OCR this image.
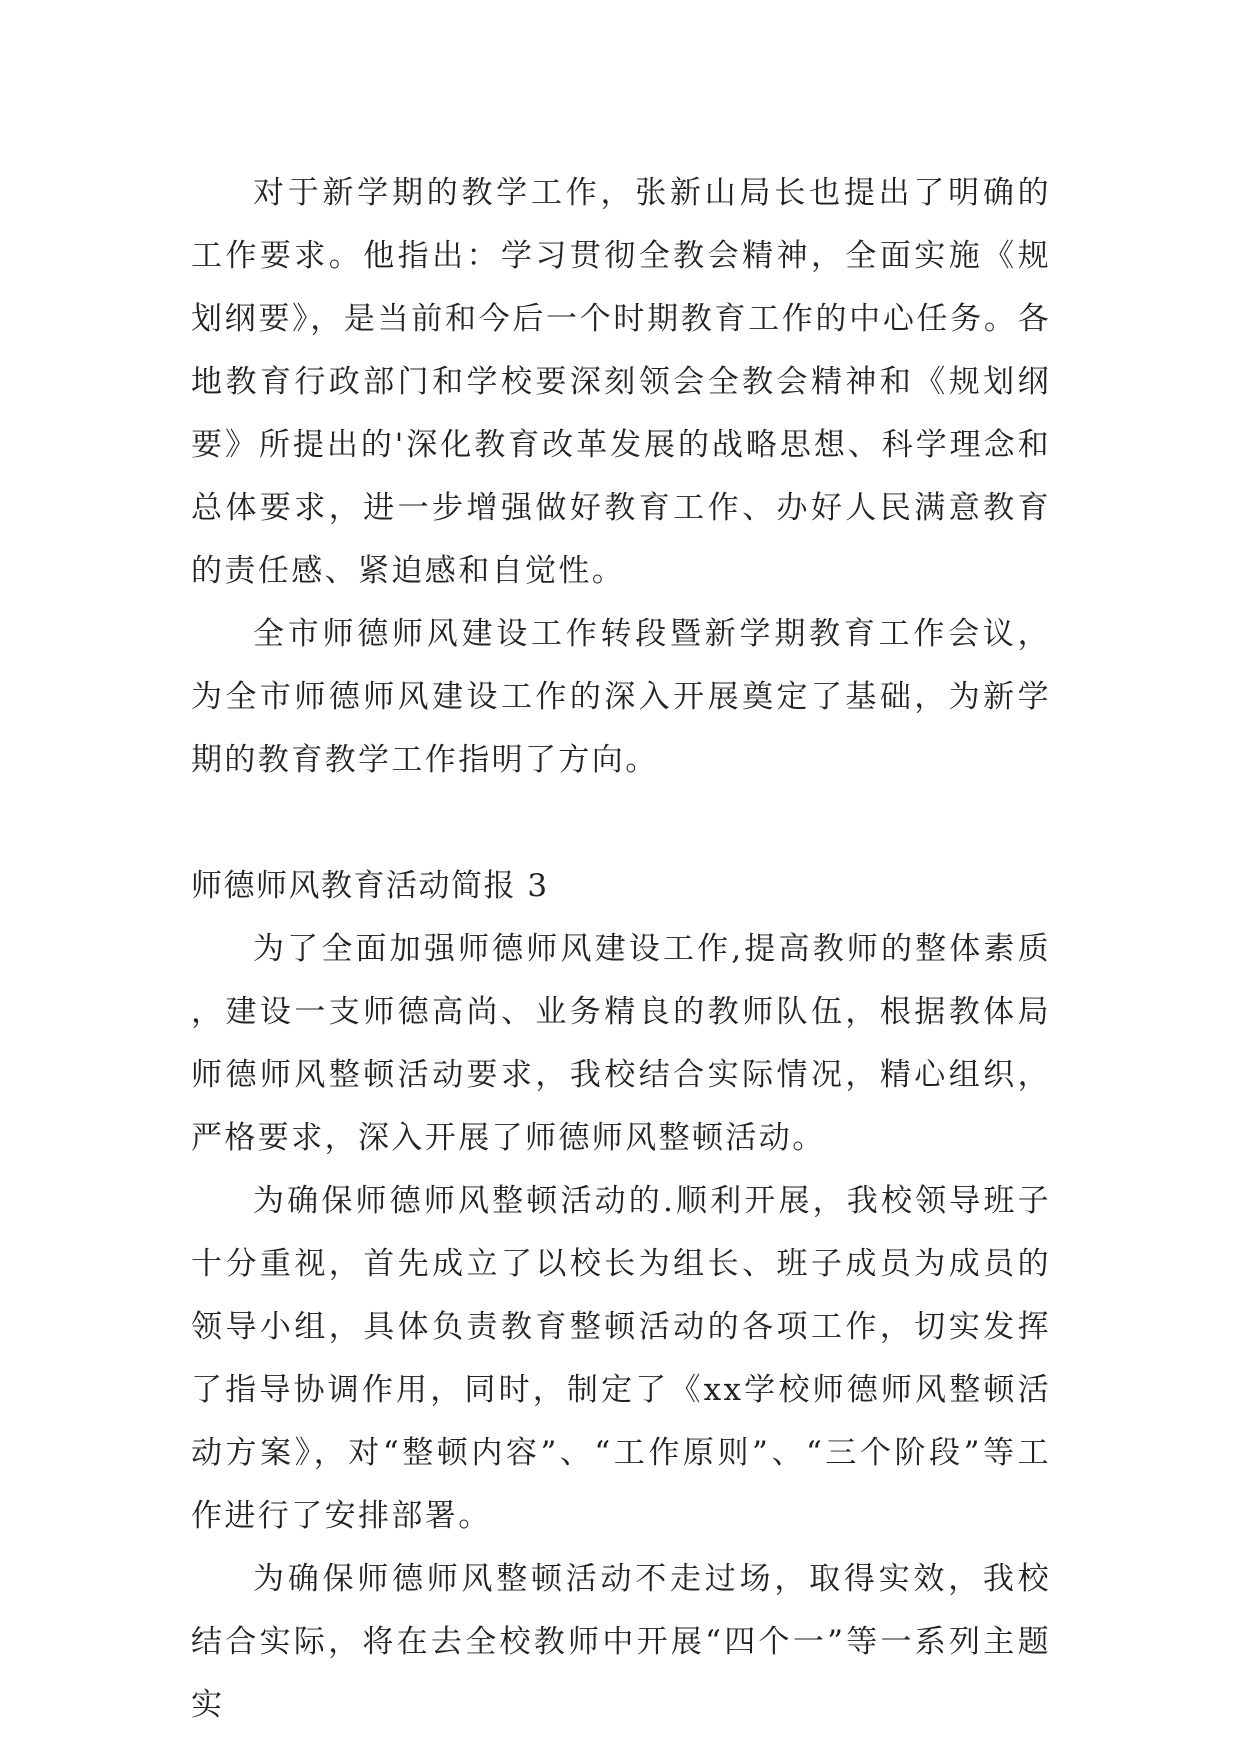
对于新学期的教学工作，张新山局长也提出了明确的工作要求。他指出：学习贯彻全教会精神，全面实施《规划纲要》，是当前和今后一个时期教育工作的中心任务。各地教育行政部门和学校要深刻领会全教会精神和《规划纲要》所提出的'深化教育改革发展的战略思想、科学理念和总体要求，进一步增强做好教育工作、办好人民满意教育的责任感、紧迫感和自觉性。

全市师德师风建设工作转段暨新学期教育工作会议，为全市师德师风建设工作的深入开展奠定了基础，为新学期的教育教学工作指明了方向。

师德师风教育活动简报 3

为了全面加强师德师风建设工作,提高教师的整体素质，建设一支师德高尚、业务精良的教师队伍，根据教体局师德师风整顿活动要求，我校结合实际情况，精心组织，严格要求，深入开展了师德师风整顿活动。

为确保师德师风整顿活动的.顺利开展，我校领导班子十分重视，首先成立了以校长为组长、班子成员为成员的领导小组，具体负责教育整顿活动的各项工作，切实发挥了指导协调作用，同时，制定了《xx学校师德师风整顿活动方案》，对“整顿内容”、“工作原则”、“三个阶段”等工作进行了安排部署。

为确保师德师风整顿活动不走过场，取得实效，我校结合实际，将在去全校教师中开展“四个一”等一系列主题实
